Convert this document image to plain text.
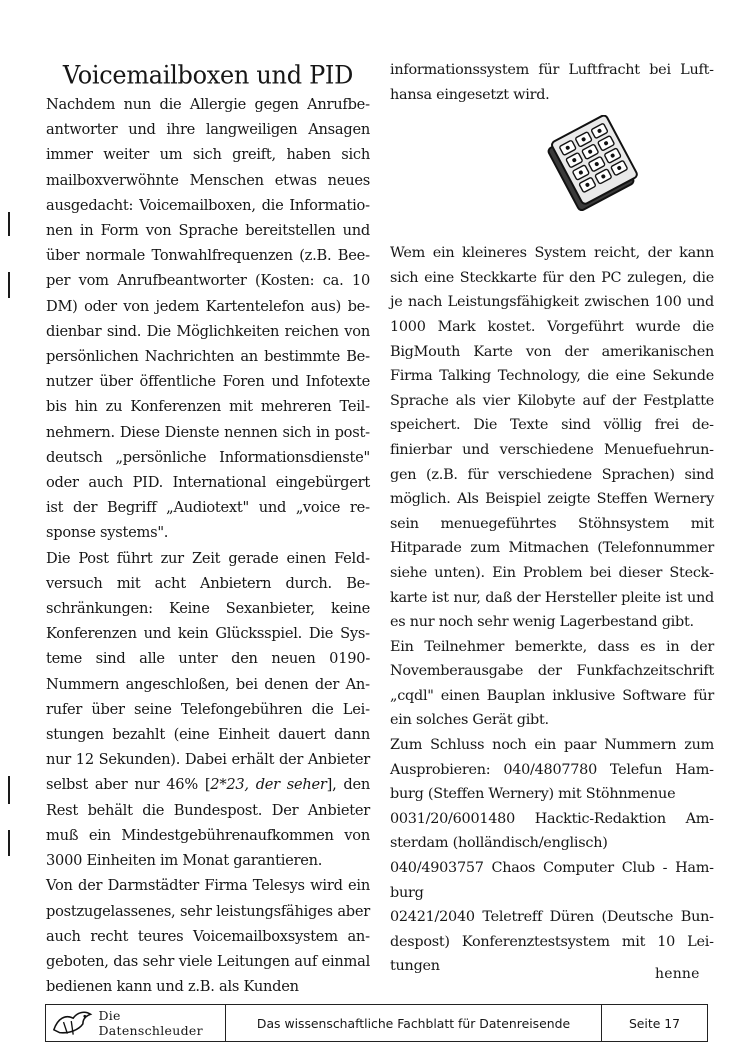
Voicemailboxen und PID

Nachdem nun die Allergie gegen Anrufbeantworter und ihre langweiligen Ansagen immer weiter um sich greift, haben sich mailboxverwöhnte Menschen etwas neues ausgedacht: Voicemailboxen, die Informationen in Form von Sprache bereitstellen und über normale Tonwahlfrequenzen (z.B. Beeper vom Anrufbeantworter (Kosten: ca. 10 DM) oder von jedem Kartentelefon aus) bedienbar sind. Die Möglichkeiten reichen von persönlichen Nachrichten an bestimmte Benutzer über öffentliche Foren und Infotexte bis hin zu Konferenzen mit mehreren Teilnehmern. Diese Dienste nennen sich in postdeutsch „persönliche Informationsdienste" oder auch PID. International eingebürgert ist der Begriff „Audiotext" und „voice response systems".

Die Post führt zur Zeit gerade einen Feldversuch mit acht Anbietern durch. Beschränkungen: Keine Sexanbieter, keine Konferenzen und kein Glücksspiel. Die Systeme sind alle unter den neuen 0190-Nummern angeschloßen, bei denen der Anrufer über seine Telefongebühren die Leistungen bezahlt (eine Einheit dauert dann nur 12 Sekunden). Dabei erhält der Anbieter selbst aber nur 46% [2*23, der seher], den Rest behält die Bundespost. Der Anbieter muß ein Mindestgebührenaufkommen von 3000 Einheiten im Monat garantieren.

Von der Darmstädter Firma Telesys wird ein postzugelassenes, sehr leistungsfähiges aber auch recht teures Voicemailboxsystem angeboten, das sehr viele Leitungen auf einmal bedienen kann und z.B. als Kunden

informationssystem für Luftfracht bei Lufthansa eingesetzt wird.

Wem ein kleineres System reicht, der kann sich eine Steckkarte für den PC zulegen, die je nach Leistungsfähigkeit zwischen 100 und 1000 Mark kostet. Vorgeführt wurde die BigMouth Karte von der amerikanischen Firma Talking Technology, die eine Sekunde Sprache als vier Kilobyte auf der Festplatte speichert. Die Texte sind völlig frei definierbar und verschiedene Menuefuehrungen (z.B. für verschiedene Sprachen) sind möglich. Als Beispiel zeigte Steffen Wernery sein menuegeführtes Stöhnsystem mit Hitparade zum Mitmachen (Telefonnummer siehe unten). Ein Problem bei dieser Steckkarte ist nur, daß der Hersteller pleite ist und es nur noch sehr wenig Lagerbestand gibt.

Ein Teilnehmer bemerkte, dass es in der Novemberausgabe der Funkfachzeitschrift „cqdl" einen Bauplan inklusive Software für ein solches Gerät gibt.

Zum Schluss noch ein paar Nummern zum Ausprobieren: 040/4807780 Telefun Hamburg (Steffen Wernery) mit Stöhnmenue

0031/20/6001480 Hacktic-Redaktion Amsterdam (holländisch/englisch)

040/4903757 Chaos Computer Club - Hamburg

02421/2040 Teletreff Düren (Deutsche Bundespost) Konferenztestsystem mit 10 Leitungen	henne
Die Datenschleuder	Das wissenschaftliche Fachblatt für Datenreisende	Seite 17
